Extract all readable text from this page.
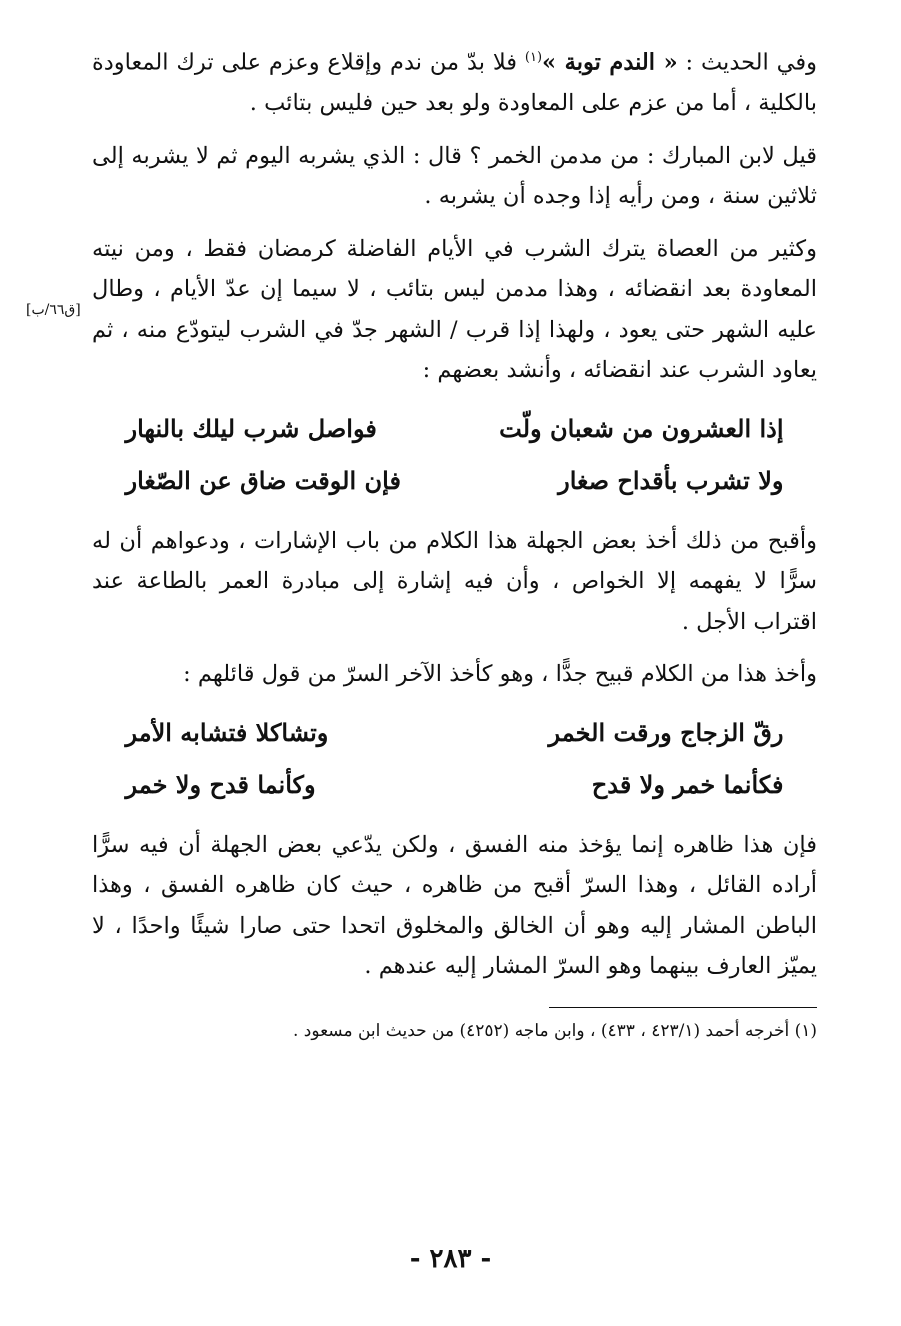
[ق٦٦/ب]

وفي الحديث : « الندم توبة »$^{(١)}$ فلا بدّ من ندم وإقلاع وعزم على ترك المعاودة بالكلية ، أما من عزم على المعاودة ولو بعد حين فليس بتائب .

قيل لابن المبارك : من مدمن الخمر ؟ قال : الذي يشربه اليوم ثم لا يشربه إلى ثلاثين سنة ، ومن رأيه إذا وجده أن يشربه .

وكثير من العصاة يترك الشرب في الأيام الفاضلة كرمضان فقط ، ومن نيته المعاودة بعد انقضائه ، وهذا مدمن ليس بتائب ، لا سيما إن عدّ الأيام ، وطال عليه الشهر حتى يعود ، ولهذا إذا قرب / الشهر جدّ في الشرب ليتودّع منه ، ثم يعاود الشرب عند انقضائه ، وأنشد بعضهم :

إذا العشرون من شعبان ولّت
فواصل شرب ليلك بالنهار
ولا تشرب بأقداح صغار
فإن الوقت ضاق عن الصّغار

وأقبح من ذلك أخذ بعض الجهلة هذا الكلام من باب الإشارات ، ودعواهم أن له سرًّا لا يفهمه إلا الخواص ، وأن فيه إشارة إلى مبادرة العمر بالطاعة عند اقتراب الأجل .

وأخذ هذا من الكلام قبيح جدًّا ، وهو كأخذ الآخر السرّ من قول قائلهم :

رقّ الزجاج ورقت الخمر
وتشاكلا فتشابه الأمر
فكأنما خمر ولا قدح
وكأنما قدح ولا خمر

فإن هذا ظاهره إنما يؤخذ منه الفسق ، ولكن يدّعي بعض الجهلة أن فيه سرًّا أراده القائل ، وهذا السرّ أقبح من ظاهره ، حيث كان ظاهره الفسق ، وهذا الباطن المشار إليه وهو أن الخالق والمخلوق اتحدا حتى صارا شيئًا واحدًا ، لا يميّز العارف بينهما وهو السرّ المشار إليه عندهم .

(١) أخرجه أحمد (٤٢٣/١ ، ٤٣٣) ، وابن ماجه (٤٢٥٢) من حديث ابن مسعود .

- ٢٨٣ -
